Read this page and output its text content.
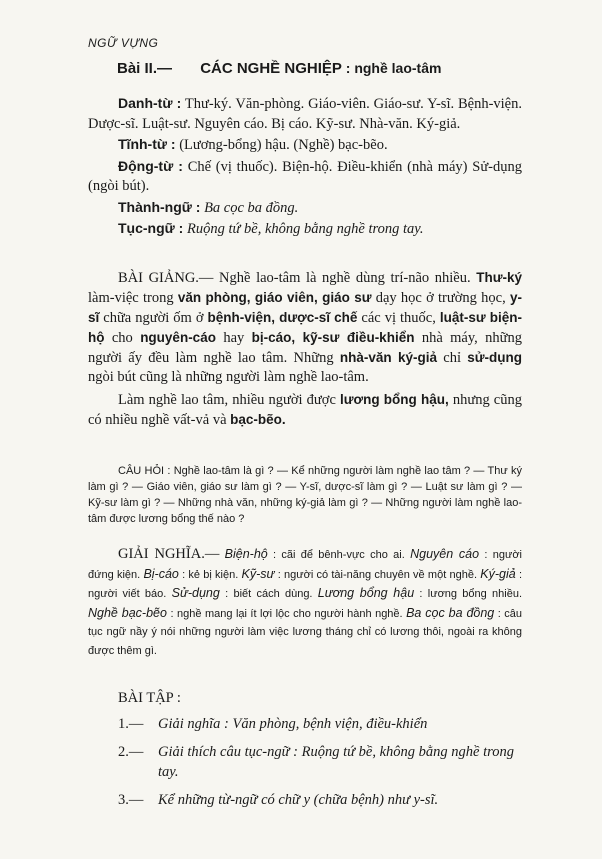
NGỮ VỰNG
Bài II.— CÁC NGHỀ NGHIỆP : nghề lao-tâm

Danh-từ : Thư-ký. Văn-phòng. Giáo-viên. Giáo-sư. Y-sĩ. Bệnh-viện. Dược-sĩ. Luật-sư. Nguyên cáo. Bị cáo. Kỹ-sư. Nhà-văn. Ký-giả.

Tĩnh-từ : (Lương-bổng) hậu. (Nghề) bạc-bẽo.

Động-từ : Chế (vị thuốc). Biện-hộ. Điều-khiển (nhà máy) Sử-dụng (ngòi bút).

Thành-ngữ : Ba cọc ba đồng.

Tục-ngữ : Ruộng tứ bề, không bằng nghề trong tay.

BÀI GIẢNG.— Nghề lao-tâm là nghề dùng trí-não nhiều. Thư-ký làm-việc trong văn phòng, giáo viên, giáo sư dạy học ở trường học, y-sĩ chữa người ốm ở bệnh-viện, dược-sĩ chế các vị thuốc, luật-sư biện-hộ cho nguyên-cáo hay bị-cáo, kỹ-sư điều-khiển nhà máy, những người ấy đều làm nghề lao tâm. Những nhà-văn ký-giả chỉ sử-dụng ngòi bút cũng là những người làm nghề lao-tâm.

Làm nghề lao tâm, nhiều người được lương bổng hậu, nhưng cũng có nhiều nghề vất-vả và bạc-bẽo.

CÂU HỎI : Nghề lao-tâm là gì ? — Kể những người làm nghề lao tâm ? — Thư ký làm gì ? — Giáo viên, giáo sư làm gì ? — Y-sĩ, dược-sĩ làm gì ? — Luật sư làm gì ? — Kỹ-sư làm gì ? — Những nhà văn, những ký-giả làm gì ? — Những người làm nghề lao-tâm được lương bổng thế nào ?

GIẢI NGHĨA.— Biện-hộ : cãi để bênh-vực cho ai. Nguyên cáo : người đứng kiện. Bị-cáo : kẻ bị kiện. Kỹ-sư : người có tài-năng chuyên về một nghề. Ký-giả : người viết báo. Sử-dụng : biết cách dùng. Lương bổng hậu : lương bổng nhiều. Nghề bạc-bẽo : nghề mang lại ít lợi lộc cho người hành nghề. Ba cọc ba đồng : câu tục ngữ nầy ý nói những người làm việc lương tháng chỉ có lương thôi, ngoài ra không được thêm gì.

BÀI TẬP :
1.—	Giải nghĩa : Văn phòng, bệnh viện, điều-khiển
2.—	Giải thích câu tục-ngữ : Ruộng tứ bề, không bằng nghề trong tay.
3.—	Kể những từ-ngữ có chữ y (chữa bệnh) như y-sĩ.
